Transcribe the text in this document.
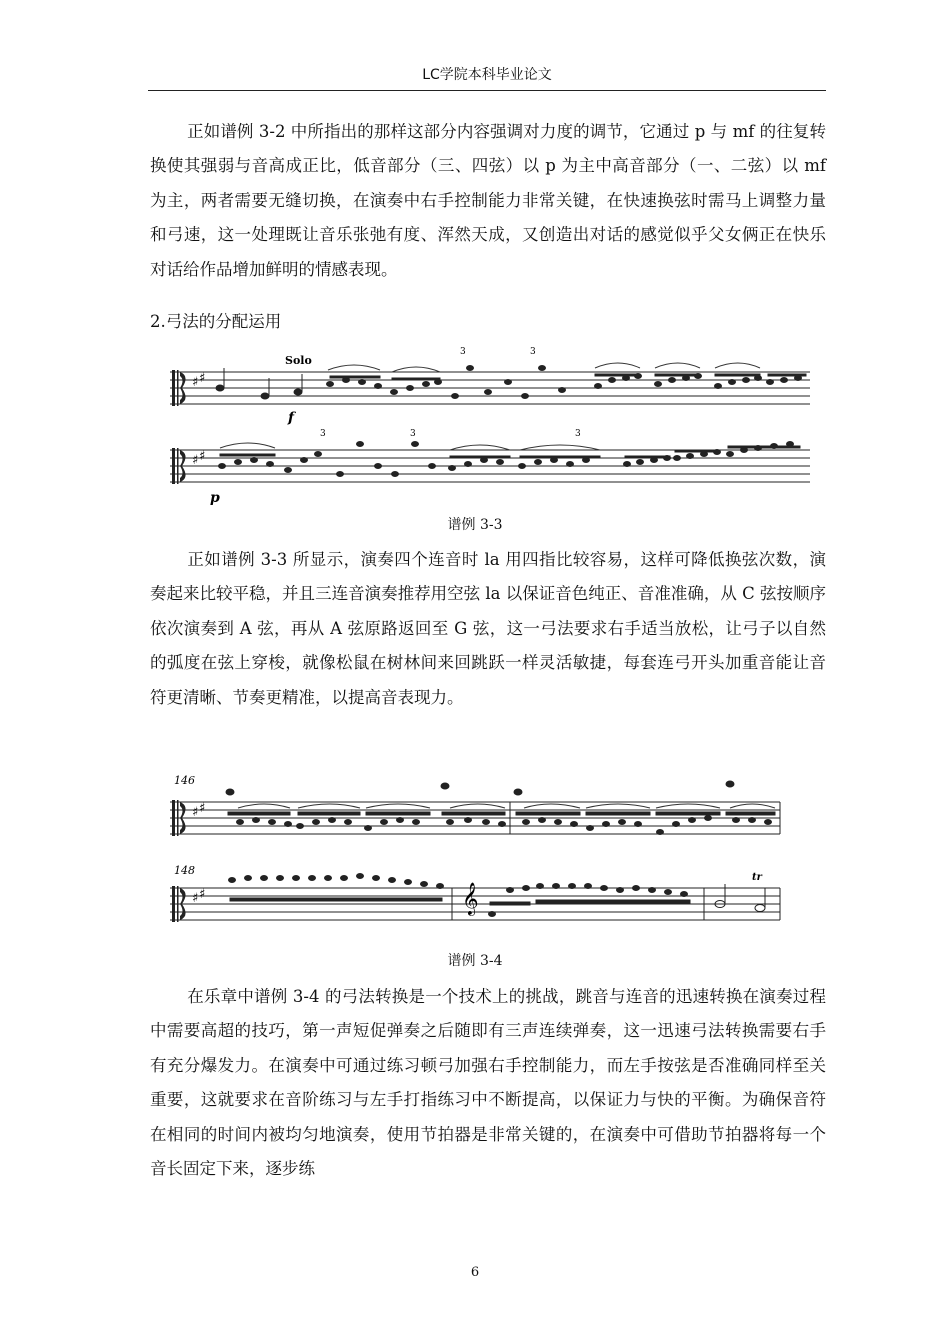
LC学院本科毕业论文

正如谱例 3-2 中所指出的那样这部分内容强调对力度的调节，它通过 p 与 mf 的往复转换使其强弱与音高成正比，低音部分（三、四弦）以 p 为主中高音部分（一、二弦）以 mf 为主，两者需要无缝切换，在演奏中右手控制能力非常关键，在快速换弦时需马上调整力量和弓速，这一处理既让音乐张弛有度、浑然天成，又创造出对话的感觉似乎父女俩正在快乐对话给作品增加鲜明的情感表现。

2.弓法的分配运用

♯ ♯
♯ ♯
Solo
f
p
3	3
3	3	3
谱例 3-3

正如谱例 3-3 所显示，演奏四个连音时 la 用四指比较容易，这样可降低换弦次数，演奏起来比较平稳，并且三连音演奏推荐用空弦 la 以保证音色纯正、音准准确，从 C 弦按顺序依次演奏到 A 弦，再从 A 弦原路返回至 G 弦，这一弓法要求右手适当放松，让弓子以自然的弧度在弦上穿梭，就像松鼠在树林间来回跳跃一样灵活敏捷，每套连弓开头加重音能让音符更清晰、节奏更精准，以提高音表现力。

146
148
♯ ♯
♯ ♯	𝄞
tr
谱例 3-4

在乐章中谱例 3-4 的弓法转换是一个技术上的挑战，跳音与连音的迅速转换在演奏过程中需要高超的技巧，第一声短促弹奏之后随即有三声连续弹奏，这一迅速弓法转换需要右手有充分爆发力。在演奏中可通过练习顿弓加强右手控制能力，而左手按弦是否准确同样至关重要，这就要求在音阶练习与左手打指练习中不断提高，以保证力与快的平衡。为确保音符在相同的时间内被均匀地演奏，使用节拍器是非常关键的，在演奏中可借助节拍器将每一个音长固定下来，逐步练

6
